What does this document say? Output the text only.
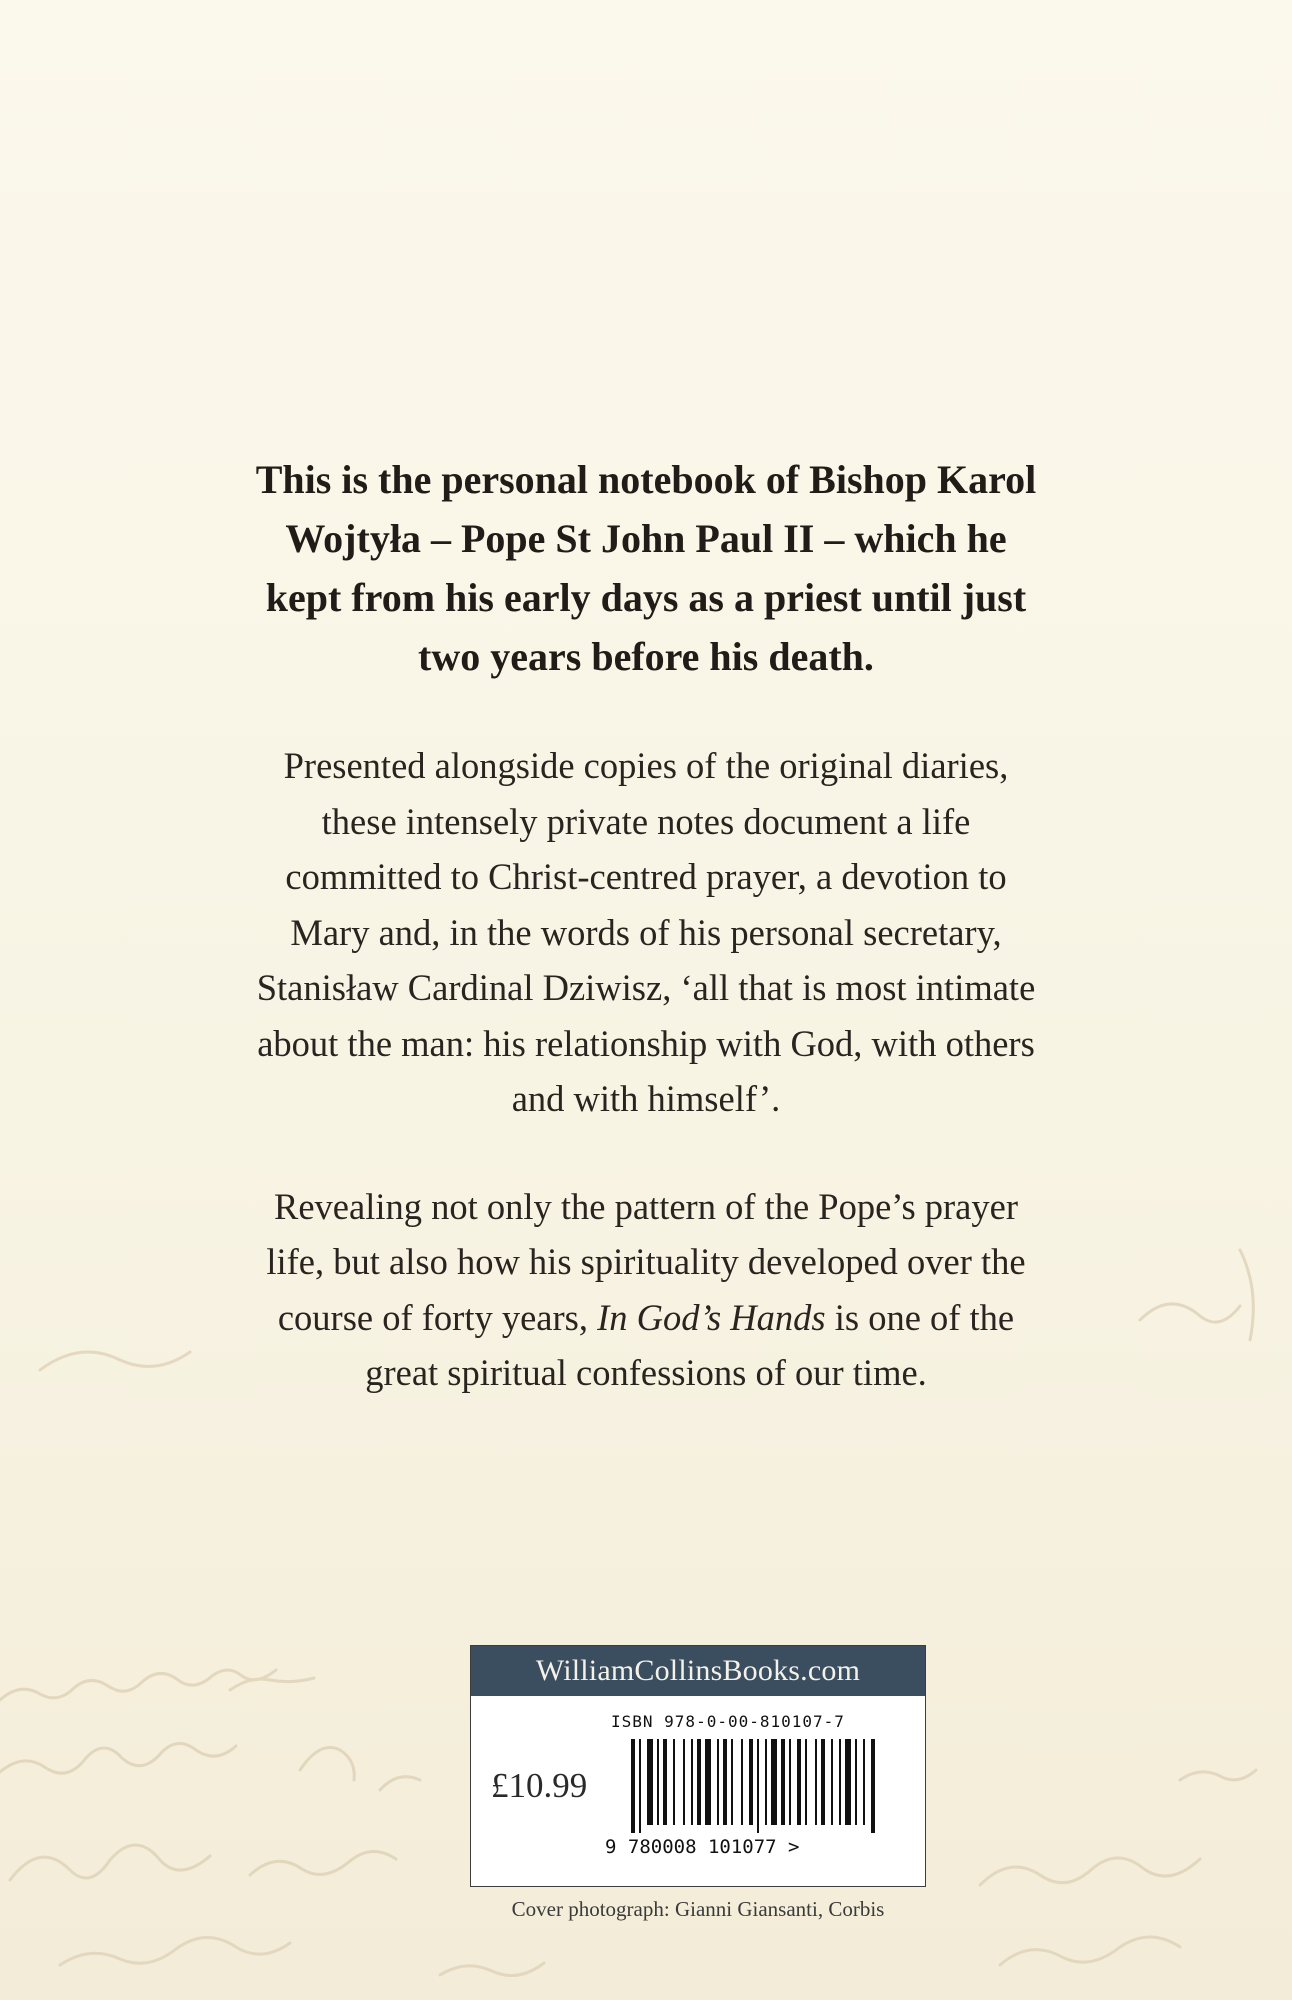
This is the personal notebook of Bishop Karol Wojtyła – Pope St John Paul II – which he kept from his early days as a priest until just two years before his death.

Presented alongside copies of the original diaries, these intensely private notes document a life committed to Christ-centred prayer, a devotion to Mary and, in the words of his personal secretary, Stanisław Cardinal Dziwisz, ‘all that is most intimate about the man: his relationship with God, with others and with himself’.

Revealing not only the pattern of the Pope’s prayer life, but also how his spirituality developed over the course of forty years, In God’s Hands is one of the great spiritual confessions of our time.

WilliamCollinsBooks.com
ISBN 978-0-00-810107-7
£10.99
9 780008 101077 >
Cover photograph: Gianni Giansanti, Corbis
